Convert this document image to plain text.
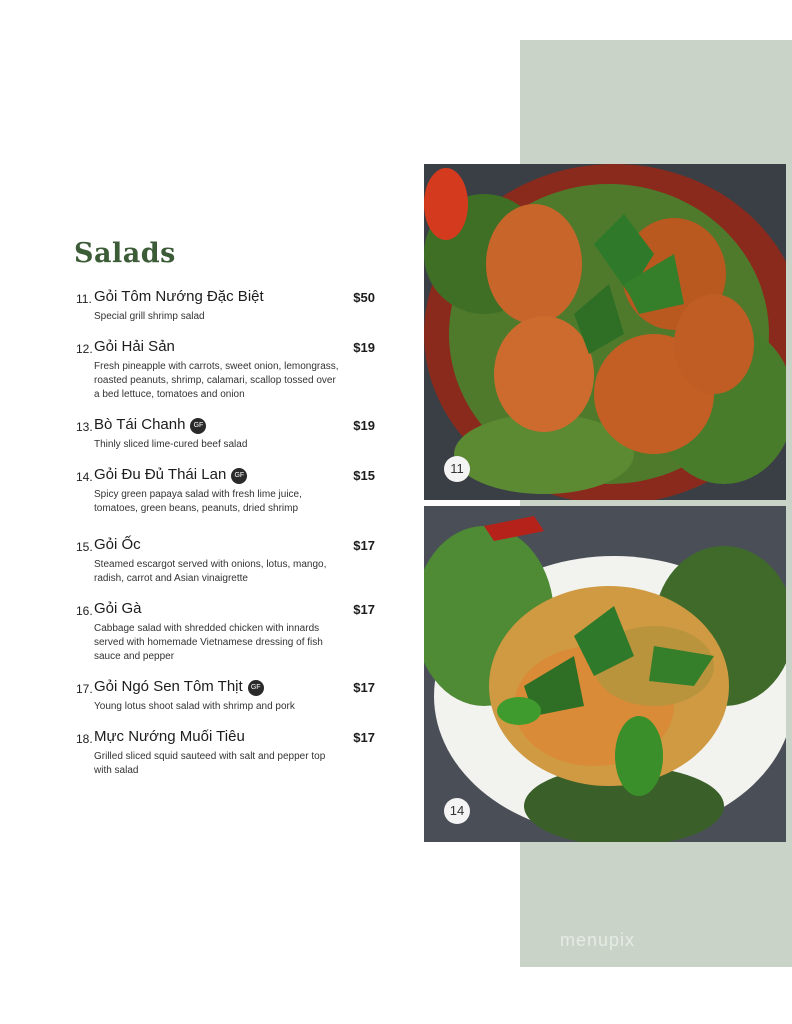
Salads
11. Gỏi Tôm Nướng Đặc Biệt	$50
Special grill shrimp salad
12. Gỏi Hải Sản	$19
Fresh pineapple with carrots, sweet onion, lemongrass, roasted peanuts, shrimp, calamari, scallop tossed over a bed lettuce, tomatoes and onion
13. Bò Tái Chanh GF	$19
Thinly sliced lime-cured beef salad
14. Gỏi Đu Đủ Thái Lan GF	$15
Spicy green papaya salad with fresh lime juice, tomatoes, green beans, peanuts, dried shrimp
15. Gỏi Ốc	$17
Steamed escargot served with onions, lotus, mango, radish, carrot and Asian vinaigrette
16. Gỏi Gà	$17
Cabbage salad with shredded chicken with innards served with homemade Vietnamese dressing of fish sauce and pepper
17. Gỏi Ngó Sen Tôm Thịt GF	$17
Young lotus shoot salad with shrimp and pork
18. Mực Nướng Muối Tiêu	$17
Grilled sliced squid sauteed with salt and pepper top with salad
11
14
menupix
